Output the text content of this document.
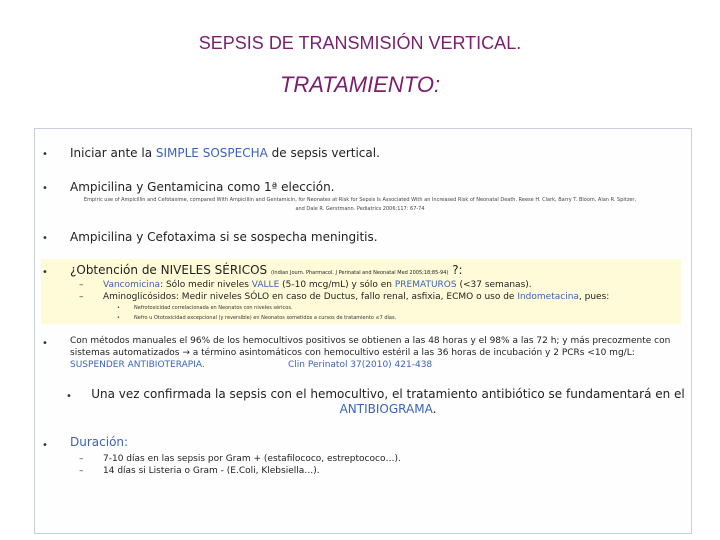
SEPSIS DE TRANSMISIÓN VERTICAL.
TRATAMIENTO:
• Iniciar ante la SIMPLE SOSPECHA de sepsis vertical.
• Ampicilina y Gentamicina como 1ª elección.
Empiric use of Ampicillin and Cefotaxime, compared With Ampicillin and Gentamicin, for Neonates at Risk for Sepsis Is Associated With an Increased Risk of Neonatal Death. Reese H. Clark, Barry T. Bloom, Alan R. Spitzer,
and Dale R. Gerstmann. Pediatrics 2006;117: 67-74
• Ampicilina y Cefotaxima si se sospecha meningitis.
• ¿Obtención de NIVELES SÉRICOS (Indian Journ. Pharmacol. J Perinatal and Neonatal Med 2005;18;85-94) ?:
– Vancomicina: Sólo medir niveles VALLE (5-10 mcg/mL) y sólo en PREMATUROS (<37 semanas).
– Aminoglicósidos: Medir niveles SÓLO en caso de Ductus, fallo renal, asfixia, ECMO o uso de Indometacina, pues:
•	Nefrotoxicidad correlacionada en Neonatos con niveles séricos.
•	Nefro u Ototoxicidad excepcional (y reversible) en Neonatos sometidos a cursos de tratamiento ≤7 días.
• Con métodos manuales el 96% de los hemocultivos positivos se obtienen a las 48 horas y el 98% a las 72 h; y más precozmente con
sistemas automatizados → a término asintomáticos con hemocultivo estéril a las 36 horas de incubación y 2 PCRs <10 mg/L:
SUSPENDER ANTIBIOTERAPIA.	Clin Perinatol 37(2010) 421-438
• Una vez confirmada la sepsis con el hemocultivo, el tratamiento antibiótico se fundamentará en el
ANTIBIOGRAMA.
• Duración:
– 7-10 días en las sepsis por Gram + (estafilococo, estreptococo…).
– 14 días si Listeria o Gram - (E.Coli, Klebsiella…).
